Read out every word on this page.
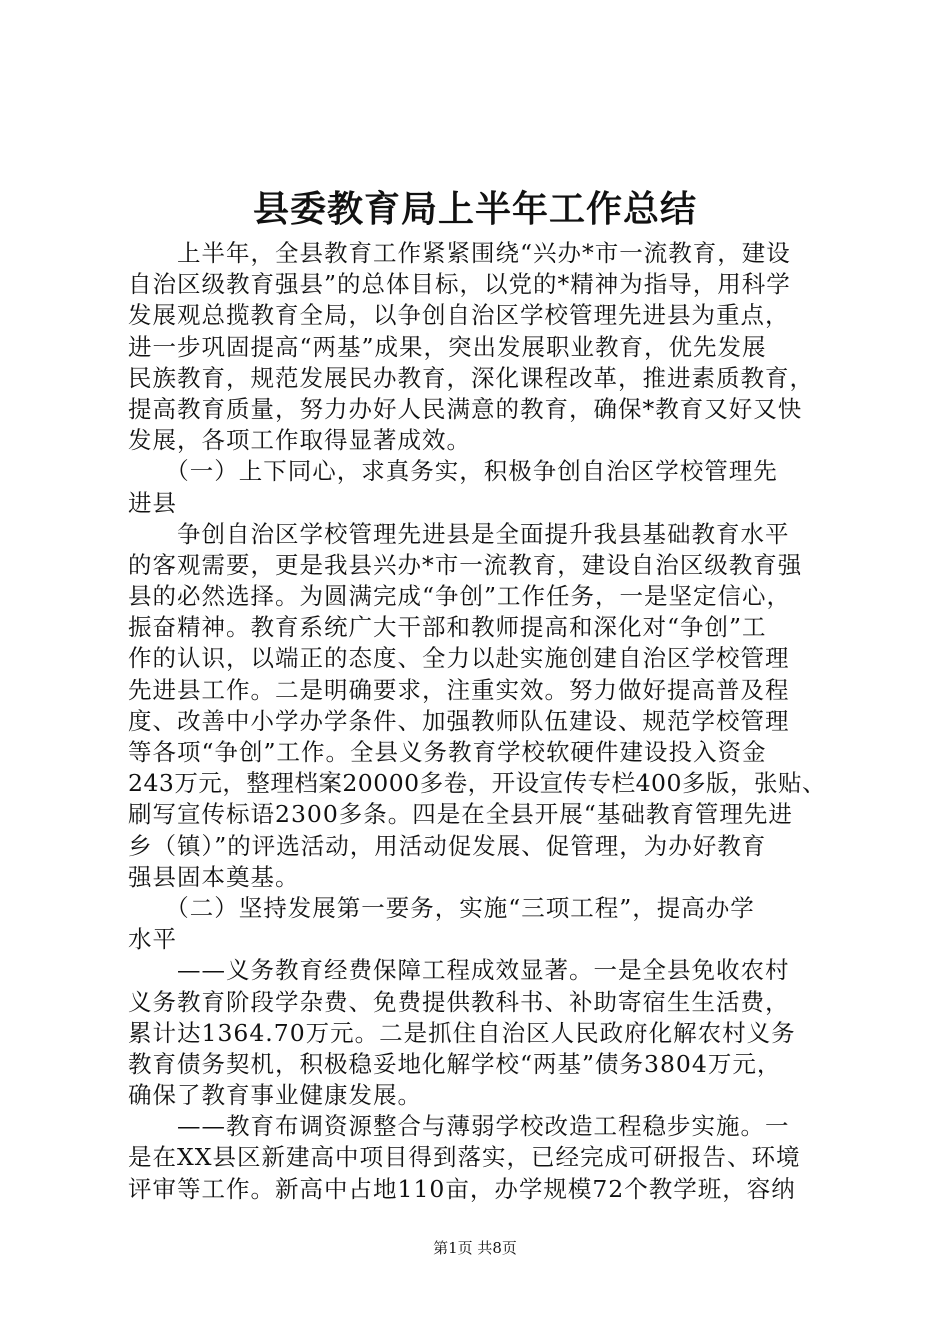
县委教育局上半年工作总结
　　上半年，全县教育工作紧紧围绕“兴办*市一流教育，建设
自治区级教育强县”的总体目标，以党的*精神为指导，用科学
发展观总揽教育全局，以争创自治区学校管理先进县为重点，
进一步巩固提高“两基”成果，突出发展职业教育，优先发展
民族教育，规范发展民办教育，深化课程改革，推进素质教育，
提高教育质量，努力办好人民满意的教育，确保*教育又好又快
发展，各项工作取得显著成效。
　　（一）上下同心，求真务实，积极争创自治区学校管理先
进县
　　争创自治区学校管理先进县是全面提升我县基础教育水平
的客观需要，更是我县兴办*市一流教育，建设自治区级教育强
县的必然选择。为圆满完成“争创”工作任务，一是坚定信心，
振奋精神。教育系统广大干部和教师提高和深化对“争创”工
作的认识，以端正的态度、全力以赴实施创建自治区学校管理
先进县工作。二是明确要求，注重实效。努力做好提高普及程
度、改善中小学办学条件、加强教师队伍建设、规范学校管理
等各项“争创”工作。全县义务教育学校软硬件建设投入资金
243万元，整理档案20000多卷，开设宣传专栏400多版，张贴、
刷写宣传标语2300多条。四是在全县开展“基础教育管理先进
乡（镇）”的评选活动，用活动促发展、促管理，为办好教育
强县固本奠基。
　　（二）坚持发展第一要务，实施“三项工程”，提高办学
水平
　　——义务教育经费保障工程成效显著。一是全县免收农村
义务教育阶段学杂费、免费提供教科书、补助寄宿生生活费，
累计达1364.70万元。二是抓住自治区人民政府化解农村义务
教育债务契机，积极稳妥地化解学校“两基”债务3804万元，
确保了教育事业健康发展。
　　——教育布调资源整合与薄弱学校改造工程稳步实施。一
是在XX县区新建高中项目得到落实，已经完成可研报告、环境
评审等工作。新高中占地110亩，办学规模72个教学班，容纳
第1页 共8页
